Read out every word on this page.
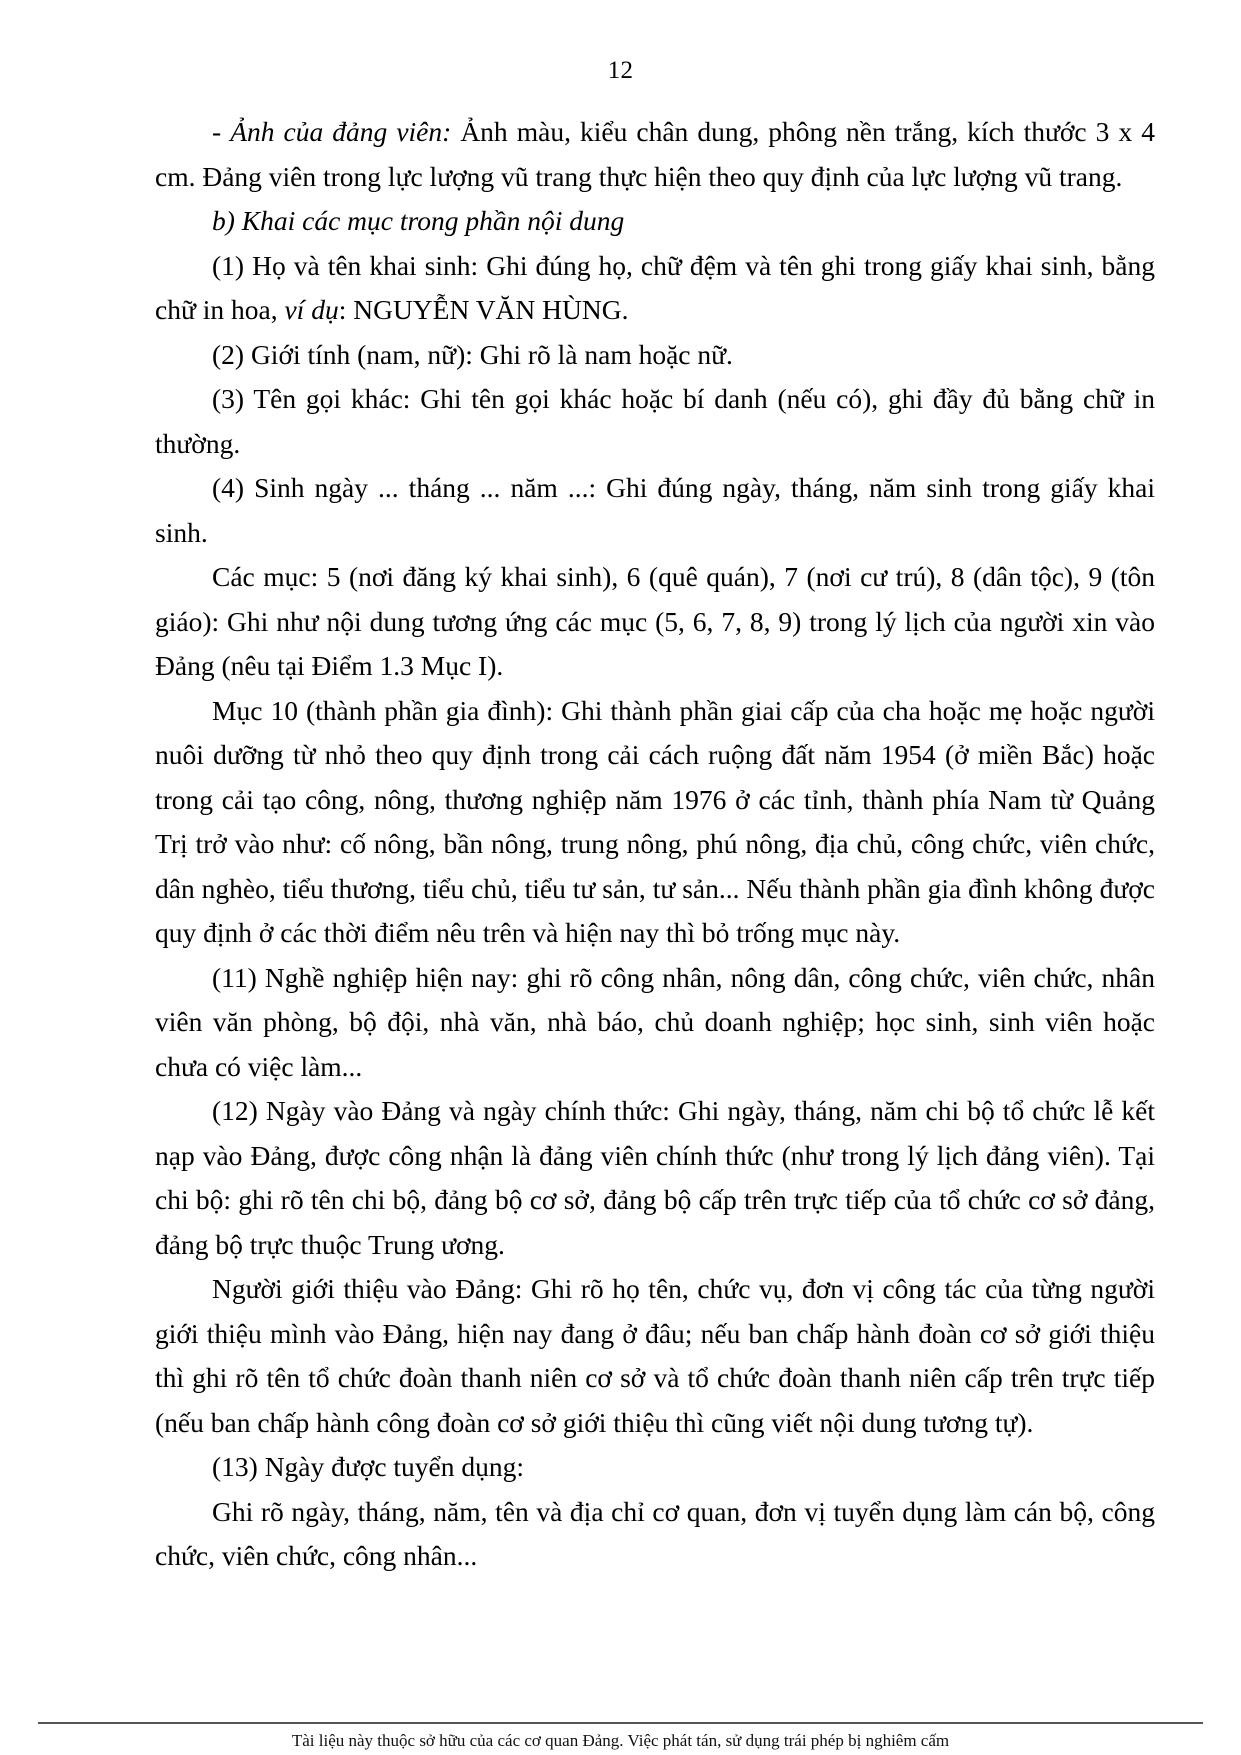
12

- Ảnh của đảng viên: Ảnh màu, kiểu chân dung, phông nền trắng, kích thước 3 x 4 cm. Đảng viên trong lực lượng vũ trang thực hiện theo quy định của lực lượng vũ trang.

b) Khai các mục trong phần nội dung

(1) Họ và tên khai sinh: Ghi đúng họ, chữ đệm và tên ghi trong giấy khai sinh, bằng chữ in hoa, ví dụ: NGUYỄN VĂN HÙNG.

(2) Giới tính (nam, nữ): Ghi rõ là nam hoặc nữ.

(3) Tên gọi khác: Ghi tên gọi khác hoặc bí danh (nếu có), ghi đầy đủ bằng chữ in thường.

(4) Sinh ngày ... tháng ... năm ...: Ghi đúng ngày, tháng, năm sinh trong giấy khai sinh.

Các mục: 5 (nơi đăng ký khai sinh), 6 (quê quán), 7 (nơi cư trú), 8 (dân tộc), 9 (tôn giáo): Ghi như nội dung tương ứng các mục (5, 6, 7, 8, 9) trong lý lịch của người xin vào Đảng (nêu tại Điểm 1.3 Mục I).

Mục 10 (thành phần gia đình): Ghi thành phần giai cấp của cha hoặc mẹ hoặc người nuôi dưỡng từ nhỏ theo quy định trong cải cách ruộng đất năm 1954 (ở miền Bắc) hoặc trong cải tạo công, nông, thương nghiệp năm 1976 ở các tỉnh, thành phía Nam từ Quảng Trị trở vào như: cố nông, bần nông, trung nông, phú nông, địa chủ, công chức, viên chức, dân nghèo, tiểu thương, tiểu chủ, tiểu tư sản, tư sản... Nếu thành phần gia đình không được quy định ở các thời điểm nêu trên và hiện nay thì bỏ trống mục này.

(11) Nghề nghiệp hiện nay: ghi rõ công nhân, nông dân, công chức, viên chức, nhân viên văn phòng, bộ đội, nhà văn, nhà báo, chủ doanh nghiệp; học sinh, sinh viên hoặc chưa có việc làm...

(12) Ngày vào Đảng và ngày chính thức: Ghi ngày, tháng, năm chi bộ tổ chức lễ kết nạp vào Đảng, được công nhận là đảng viên chính thức (như trong lý lịch đảng viên). Tại chi bộ: ghi rõ tên chi bộ, đảng bộ cơ sở, đảng bộ cấp trên trực tiếp của tổ chức cơ sở đảng, đảng bộ trực thuộc Trung ương.

Người giới thiệu vào Đảng: Ghi rõ họ tên, chức vụ, đơn vị công tác của từng người giới thiệu mình vào Đảng, hiện nay đang ở đâu; nếu ban chấp hành đoàn cơ sở giới thiệu thì ghi rõ tên tổ chức đoàn thanh niên cơ sở và tổ chức đoàn thanh niên cấp trên trực tiếp (nếu ban chấp hành công đoàn cơ sở giới thiệu thì cũng viết nội dung tương tự).

(13) Ngày được tuyển dụng:

Ghi rõ ngày, tháng, năm, tên và địa chỉ cơ quan, đơn vị tuyển dụng làm cán bộ, công chức, viên chức, công nhân...

Tài liệu này thuộc sở hữu của các cơ quan Đảng. Việc phát tán, sử dụng trái phép bị nghiêm cấm
